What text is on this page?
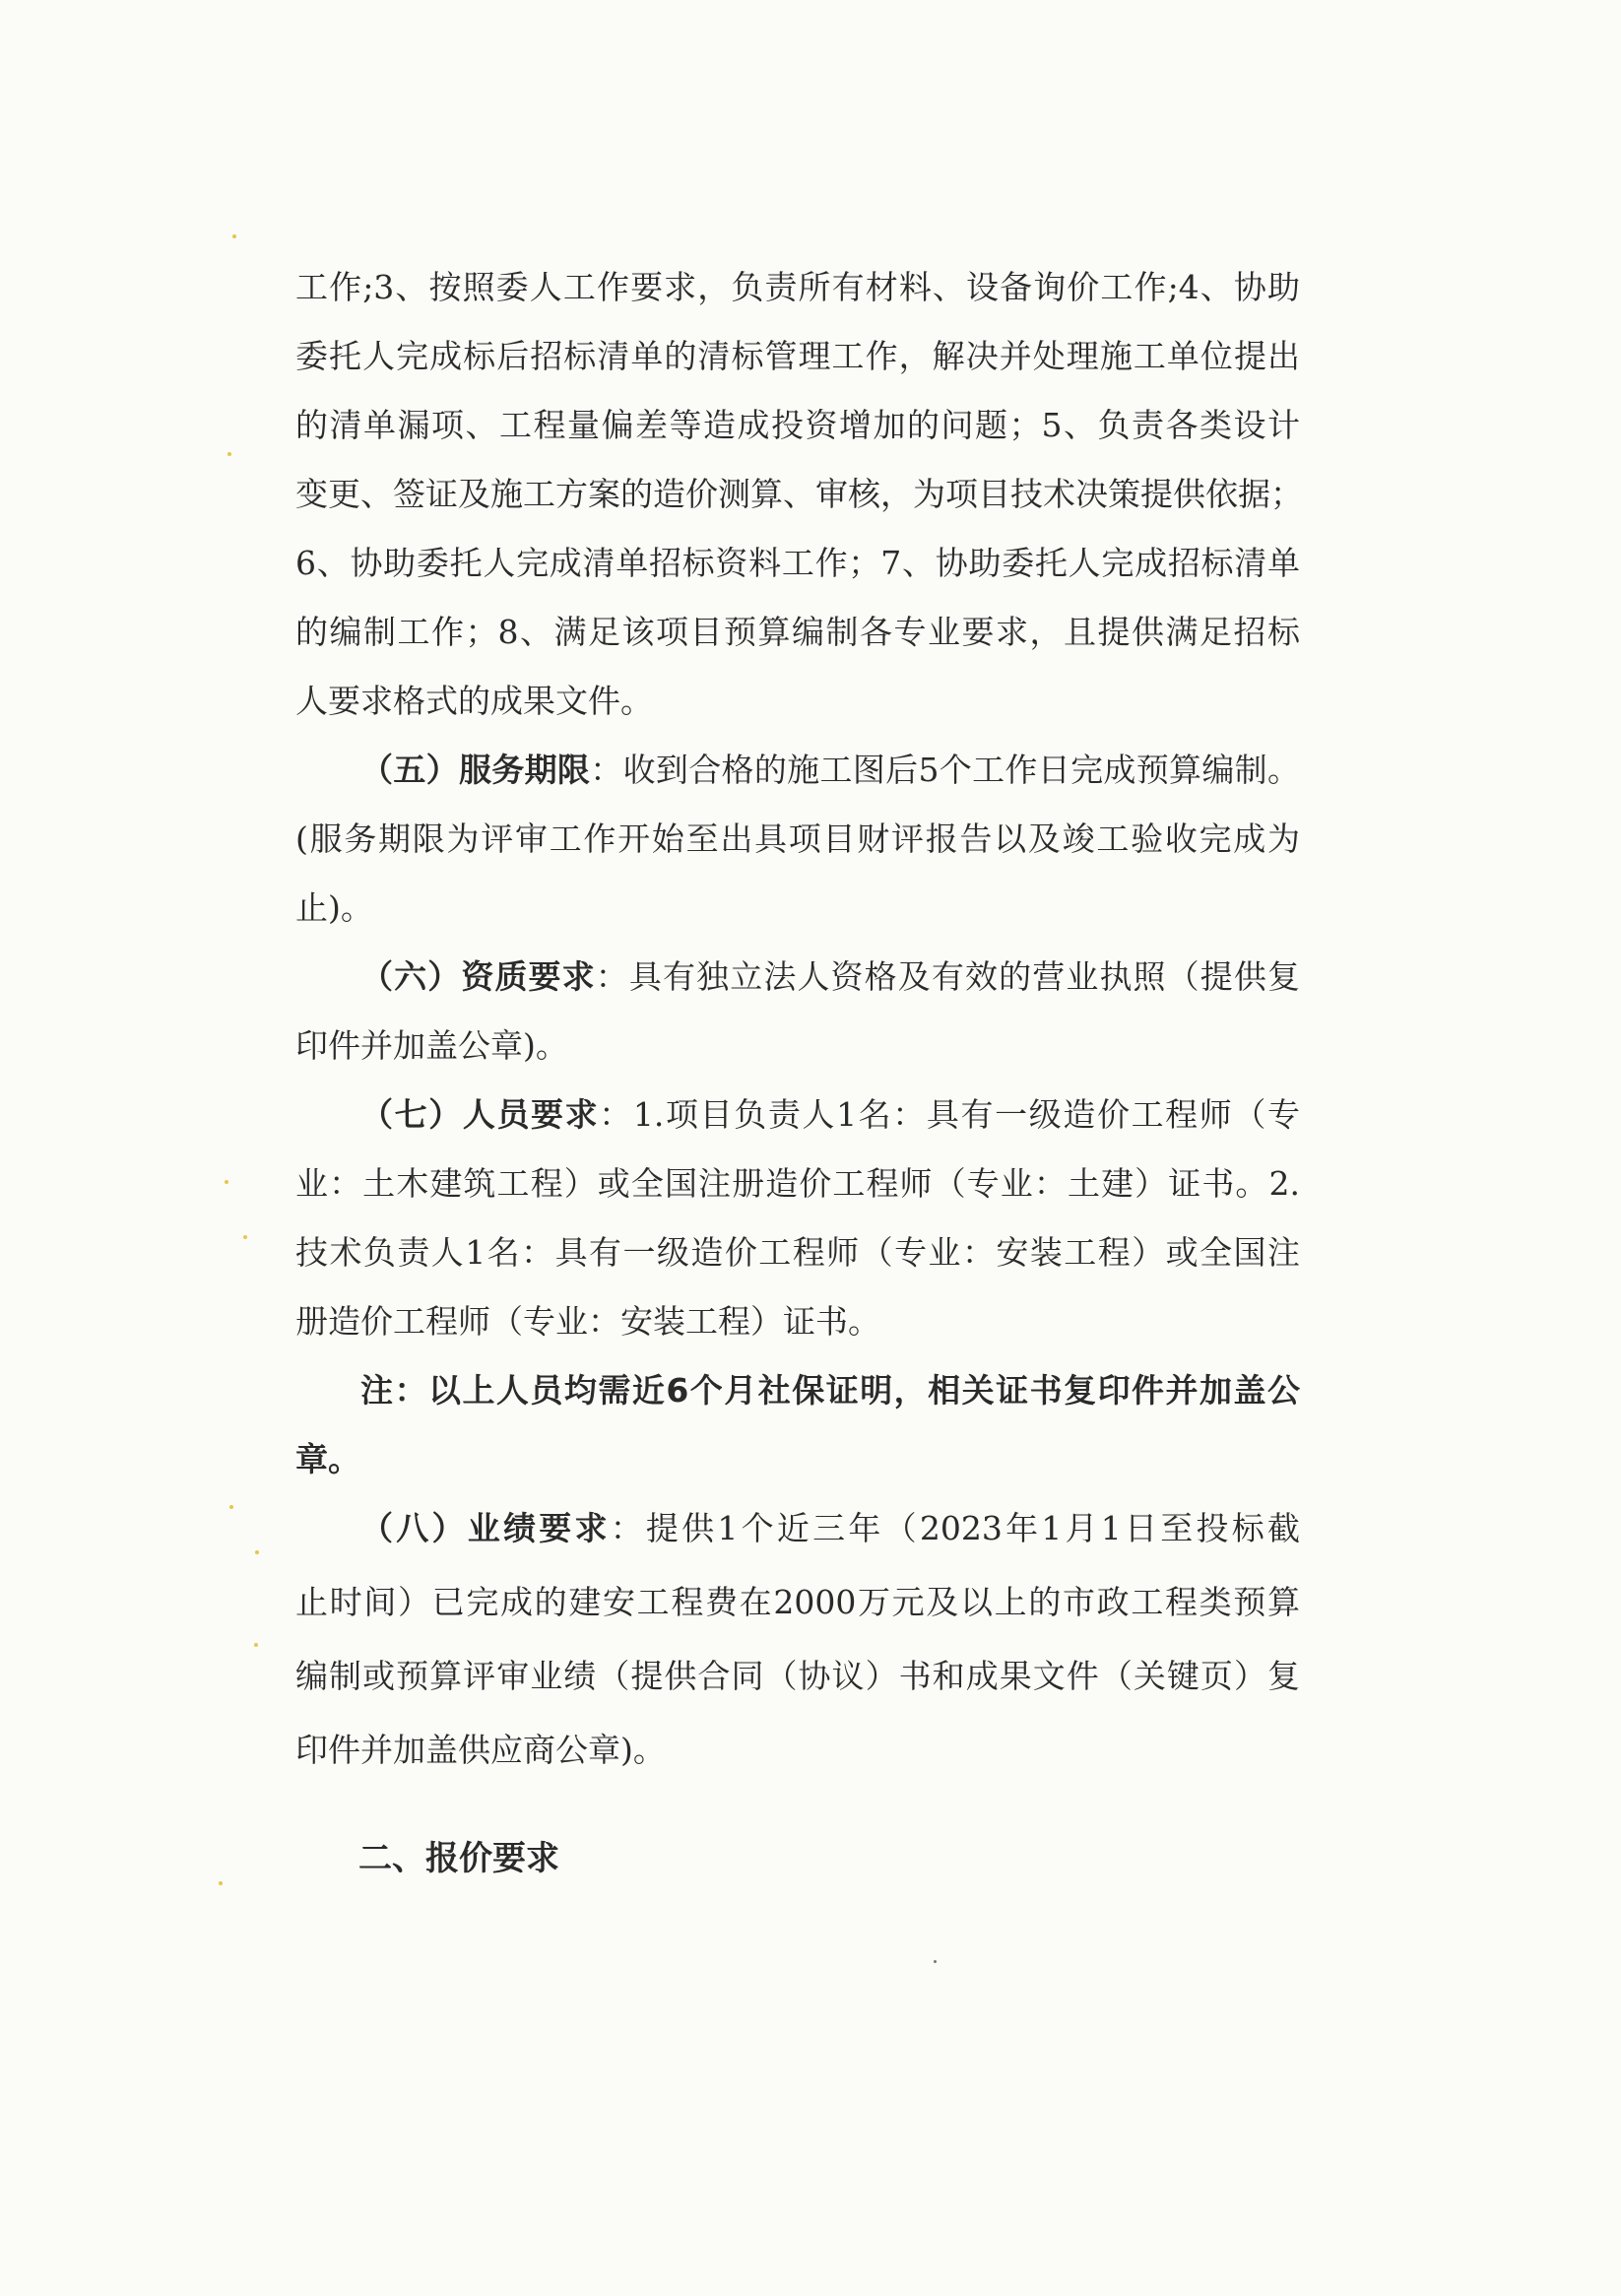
工作;3、按照委人工作要求，负责所有材料、设备询价工作;4、协助
委托人完成标后招标清单的清标管理工作，解决并处理施工单位提出
的清单漏项、工程量偏差等造成投资增加的问题；5、负责各类设计
变更、签证及施工方案的造价测算、审核，为项目技术决策提供依据；
6、协助委托人完成清单招标资料工作；7、协助委托人完成招标清单
的编制工作；8、满足该项目预算编制各专业要求，且提供满足招标
人要求格式的成果文件。
（五）服务期限：收到合格的施工图后5个工作日完成预算编制。
(服务期限为评审工作开始至出具项目财评报告以及竣工验收完成为
止)。
（六）资质要求：具有独立法人资格及有效的营业执照（提供复
印件并加盖公章)。
（七）人员要求：1.项目负责人1名：具有一级造价工程师（专
业：土木建筑工程）或全国注册造价工程师（专业：土建）证书。2.
技术负责人1名：具有一级造价工程师（专业：安装工程）或全国注
册造价工程师（专业：安装工程）证书。
注：以上人员均需近6个月社保证明，相关证书复印件并加盖公
章。
（八）业绩要求：提供1个近三年（2023年1月1日至投标截
止时间）已完成的建安工程费在2000万元及以上的市政工程类预算
编制或预算评审业绩（提供合同（协议）书和成果文件（关键页）复
印件并加盖供应商公章)。
二、报价要求
